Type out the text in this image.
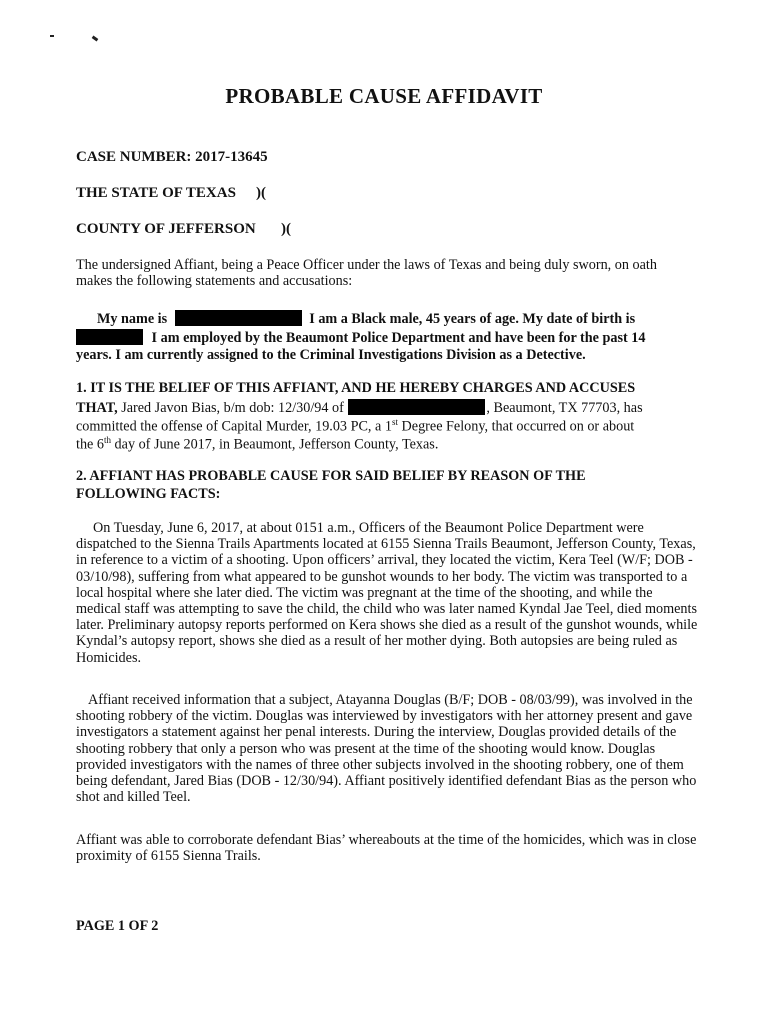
PROBABLE CAUSE AFFIDAVIT
CASE NUMBER: 2017-13645
THE STATE OF TEXAS )(
COUNTY OF JEFFERSON )(
The undersigned Affiant, being a Peace Officer under the laws of Texas and being duly sworn, on oath makes the following statements and accusations:
My name is	I am a Black male, 45 years of age. My date of birth is
I am employed by the Beaumont Police Department and have been for the past 14
years. I am currently assigned to the Criminal Investigations Division as a Detective.
1. IT IS THE BELIEF OF THIS AFFIANT, AND HE HEREBY CHARGES AND ACCUSES
THAT, Jared Javon Bias, b/m dob: 12/30/94 of	, Beaumont, TX 77703, has
committed the offense of Capital Murder, 19.03 PC, a 1st Degree Felony, that occurred on or about
the 6th day of June 2017, in Beaumont, Jefferson County, Texas.
2. AFFIANT HAS PROBABLE CAUSE FOR SAID BELIEF BY REASON OF THE
FOLLOWING FACTS:
On Tuesday, June 6, 2017, at about 0151 a.m., Officers of the Beaumont Police Department were dispatched to the Sienna Trails Apartments located at 6155 Sienna Trails Beaumont, Jefferson County, Texas, in reference to a victim of a shooting. Upon officers’ arrival, they located the victim, Kera Teel (W/F; DOB - 03/10/98), suffering from what appeared to be gunshot wounds to her body. The victim was transported to a local hospital where she later died. The victim was pregnant at the time of the shooting, and while the medical staff was attempting to save the child, the child who was later named Kyndal Jae Teel, died moments later. Preliminary autopsy reports performed on Kera shows she died as a result of the gunshot wounds, while Kyndal’s autopsy report, shows she died as a result of her mother dying. Both autopsies are being ruled as Homicides.
Affiant received information that a subject, Atayanna Douglas (B/F; DOB - 08/03/99), was involved in the shooting robbery of the victim. Douglas was interviewed by investigators with her attorney present and gave investigators a statement against her penal interests. During the interview, Douglas provided details of the shooting robbery that only a person who was present at the time of the shooting would know. Douglas provided investigators with the names of three other subjects involved in the shooting robbery, one of them being defendant, Jared Bias (DOB - 12/30/94). Affiant positively identified defendant Bias as the person who shot and killed Teel.
Affiant was able to corroborate defendant Bias’ whereabouts at the time of the homicides, which was in close proximity of 6155 Sienna Trails.
PAGE 1 OF 2
